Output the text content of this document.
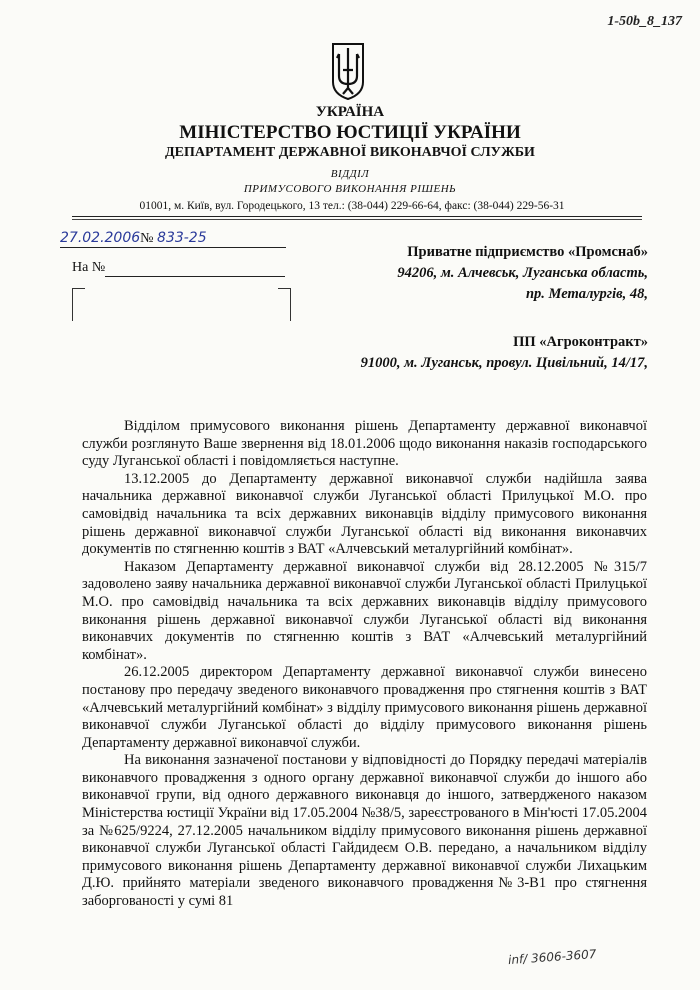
1-50b_8_137
УКРАЇНА
МІНІСТЕРСТВО ЮСТИЦІЇ УКРАЇНИ
ДЕПАРТАМЕНТ ДЕРЖАВНОЇ ВИКОНАВЧОЇ СЛУЖБИ
ВІДДІЛ
ПРИМУСОВОГО ВИКОНАННЯ РІШЕНЬ
01001, м. Київ, вул. Городецького, 13 тел.: (38-044) 229-66-64, факс: (38-044) 229-56-31
27.02.2006№ 833-25
На №
Приватне підприємство «Промснаб»
94206, м. Алчевськ, Луганська область,
пр. Металургів, 48,
ПП «Агроконтракт»
91000, м. Луганськ, провул. Цивільний, 14/17,

Відділом примусового виконання рішень Департаменту державної виконавчої служби розглянуто Ваше звернення від 18.01.2006 щодо виконання наказів господарського суду Луганської області і повідомляється наступне.

13.12.2005 до Департаменту державної виконавчої служби надійшла заява начальника державної виконавчої служби Луганської області Прилуцької М.О. про самовідвід начальника та всіх державних виконавців відділу примусового виконання рішень державної виконавчої служби Луганської області від виконання виконавчих документів по стягненню коштів з ВАТ «Алчевський металургійний комбінат».

Наказом Департаменту державної виконавчої служби від 28.12.2005 №315/7 задоволено заяву начальника державної виконавчої служби Луганської області Прилуцької М.О. про самовідвід начальника та всіх державних виконавців відділу примусового виконання рішень державної виконавчої служби Луганської області від виконання виконавчих документів по стягненню коштів з ВАТ «Алчевський металургійний комбінат».

26.12.2005 директором Департаменту державної виконавчої служби винесено постанову про передачу зведеного виконавчого провадження про стягнення коштів з ВАТ «Алчевський металургійний комбінат» з відділу примусового виконання рішень державної виконавчої служби Луганської області до відділу примусового виконання рішень Департаменту державної виконавчої служби.

На виконання зазначеної постанови у відповідності до Порядку передачі матеріалів виконавчого провадження з одного органу державної виконавчої служби до іншого або виконавчої групи, від одного державного виконавця до іншого, затвердженого наказом Міністерства юстиції України від 17.05.2004 №38/5, зареєстрованого в Мін'юсті 17.05.2004 за №625/9224, 27.12.2005 начальником відділу примусового виконання рішень державної виконавчої служби Луганської області Гайдидеєм О.В. передано, а начальником відділу примусового виконання рішень Департаменту державної виконавчої служби Лихацьким Д.Ю. прийнято матеріали зведеного виконавчого провадження№3-В1 про стягнення заборгованості у сумі 81

inf/ 3606-3607
